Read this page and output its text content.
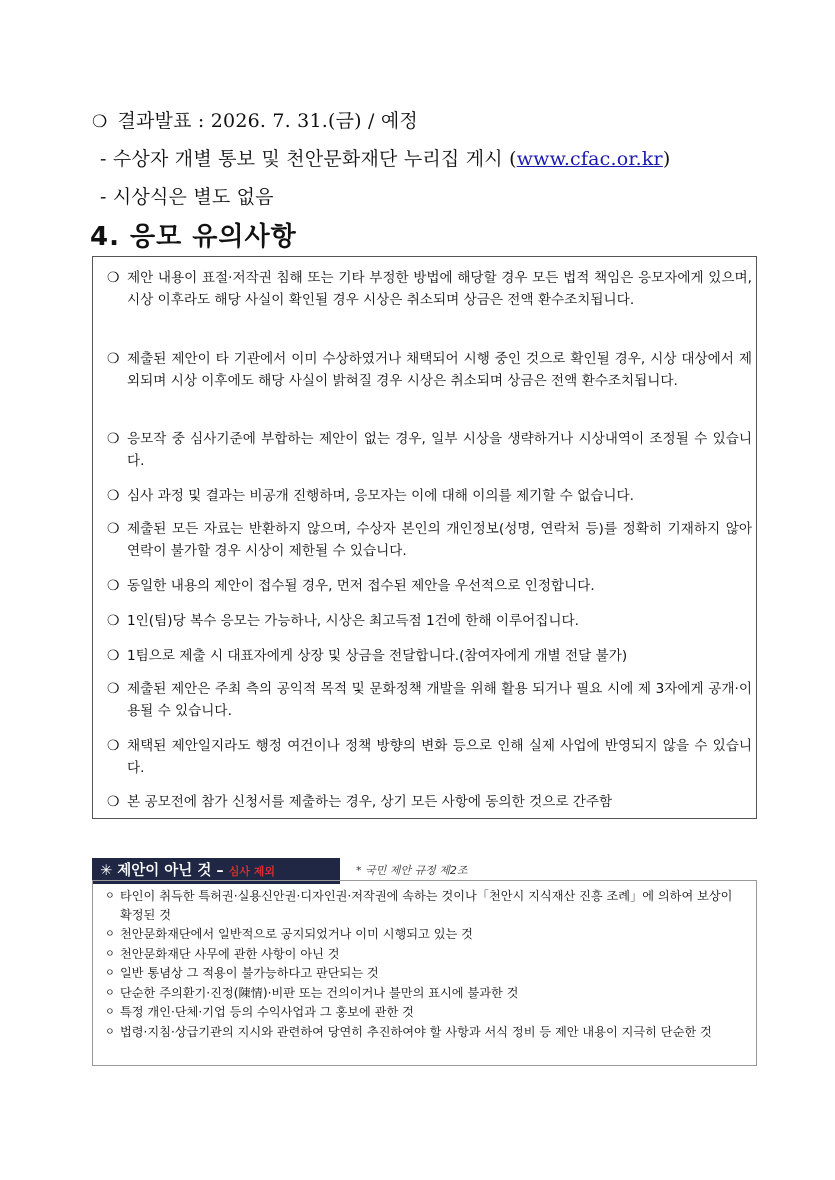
❍ 결과발표 : 2026. 7. 31.(금) / 예정
- 수상자 개별 통보 및 천안문화재단 누리집 게시 (www.cfac.or.kr)
- 시상식은 별도 없음
4. 응모 유의사항
❍ 제안 내용이 표절·저작권 침해 또는 기타 부정한 방법에 해당할 경우 모든 법적 책임은 응모자에게 있으며, 시상 이후라도 해당 사실이 확인될 경우 시상은 취소되며 상금은 전액 환수조치됩니다.
❍ 제출된 제안이 타 기관에서 이미 수상하였거나 채택되어 시행 중인 것으로 확인될 경우, 시상 대상에서 제외되며 시상 이후에도 해당 사실이 밝혀질 경우 시상은 취소되며 상금은 전액 환수조치됩니다.
❍ 응모작 중 심사기준에 부합하는 제안이 없는 경우, 일부 시상을 생략하거나 시상내역이 조정될 수 있습니다.
❍ 심사 과정 및 결과는 비공개 진행하며, 응모자는 이에 대해 이의를 제기할 수 없습니다.
❍ 제출된 모든 자료는 반환하지 않으며, 수상자 본인의 개인정보(성명, 연락처 등)를 정확히 기재하지 않아 연락이 불가할 경우 시상이 제한될 수 있습니다.
❍ 동일한 내용의 제안이 접수될 경우, 먼저 접수된 제안을 우선적으로 인정합니다.
❍ 1인(팀)당 복수 응모는 가능하나, 시상은 최고득점 1건에 한해 이루어집니다.
❍ 1팀으로 제출 시 대표자에게 상장 및 상금을 전달합니다.(참여자에게 개별 전달 불가)
❍ 제출된 제안은 주최 측의 공익적 목적 및 문화정책 개발을 위해 활용 되거나 필요 시에 제 3자에게 공개·이용될 수 있습니다.
❍ 채택된 제안일지라도 행정 여건이나 정책 방향의 변화 등으로 인해 실제 사업에 반영되지 않을 수 있습니다.
❍ 본 공모전에 참가 신청서를 제출하는 경우, 상기 모든 사항에 동의한 것으로 간주함
✳ 제안이 아닌 것 – 심사 제외	* 국민 제안 규정 제2조
ㅇ 타인이 취득한 특허권·실용신안권·디자인권·저작권에 속하는 것이나「천안시 지식재산 진흥 조례」에 의하여 보상이 확정된 것
ㅇ 천안문화재단에서 일반적으로 공지되었거나 이미 시행되고 있는 것
ㅇ 천안문화재단 사무에 관한 사항이 아닌 것
ㅇ 일반 통념상 그 적용이 불가능하다고 판단되는 것
ㅇ 단순한 주의환기·진정(陳情)·비판 또는 건의이거나 불만의 표시에 불과한 것
ㅇ 특정 개인·단체·기업 등의 수익사업과 그 홍보에 관한 것
ㅇ 법령·지침·상급기관의 지시와 관련하여 당연히 추진하여야 할 사항과 서식 정비 등 제안 내용이 지극히 단순한 것
